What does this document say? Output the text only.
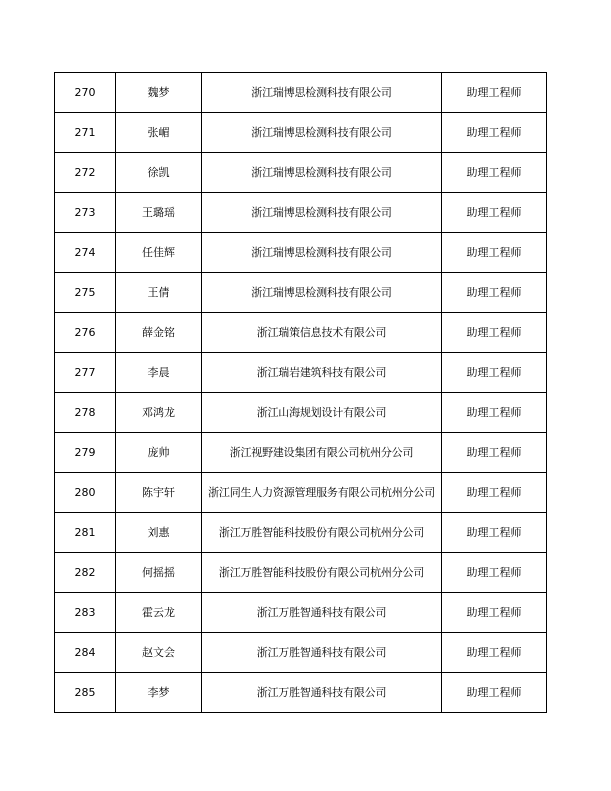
270	魏梦	浙江瑞博思检测科技有限公司	助理工程师
271	张嵋	浙江瑞博思检测科技有限公司	助理工程师
272	徐凯	浙江瑞博思检测科技有限公司	助理工程师
273	王璐瑶	浙江瑞博思检测科技有限公司	助理工程师
274	任佳辉	浙江瑞博思检测科技有限公司	助理工程师
275	王倩	浙江瑞博思检测科技有限公司	助理工程师
276	薛金铭	浙江瑞策信息技术有限公司	助理工程师
277	李晨	浙江瑞岩建筑科技有限公司	助理工程师
278	邓鸿龙	浙江山海规划设计有限公司	助理工程师
279	庞帅	浙江视野建设集团有限公司杭州分公司	助理工程师
280	陈宇轩	浙江同生人力资源管理服务有限公司杭州分公司	助理工程师
281	刘惠	浙江万胜智能科技股份有限公司杭州分公司	助理工程师
282	何摇摇	浙江万胜智能科技股份有限公司杭州分公司	助理工程师
283	霍云龙	浙江万胜智通科技有限公司	助理工程师
284	赵文会	浙江万胜智通科技有限公司	助理工程师
285	李梦	浙江万胜智通科技有限公司	助理工程师
